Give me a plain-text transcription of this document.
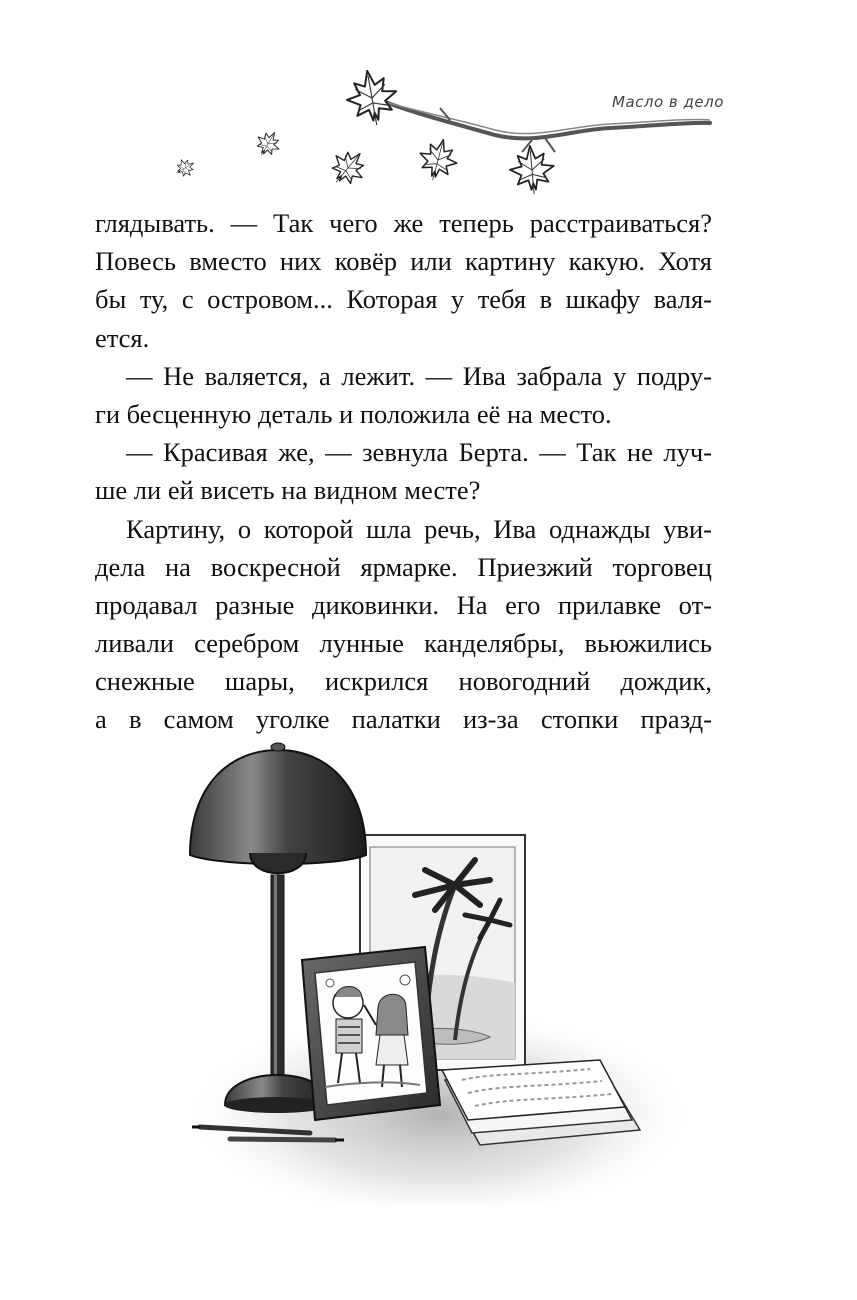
Масло в дело
глядывать. — Так чего же теперь расстраиваться?
Повесь вместо них ковёр или картину какую. Хотя
бы ту, с островом... Которая у тебя в шкафу валя-
ется.
— Не валяется, а лежит. — Ива забрала у подру-
ги бесценную деталь и положила её на место.
— Красивая же, — зевнула Берта. — Так не луч-
ше ли ей висеть на видном месте?
Картину, о которой шла речь, Ива однажды уви-
дела на воскресной ярмарке. Приезжий торговец
продавал разные диковинки. На его прилавке от-
ливали серебром лунные канделябры, вьюжились
снежные шары, искрился новогодний дождик,
а в самом уголке палатки из-за стопки празд-
